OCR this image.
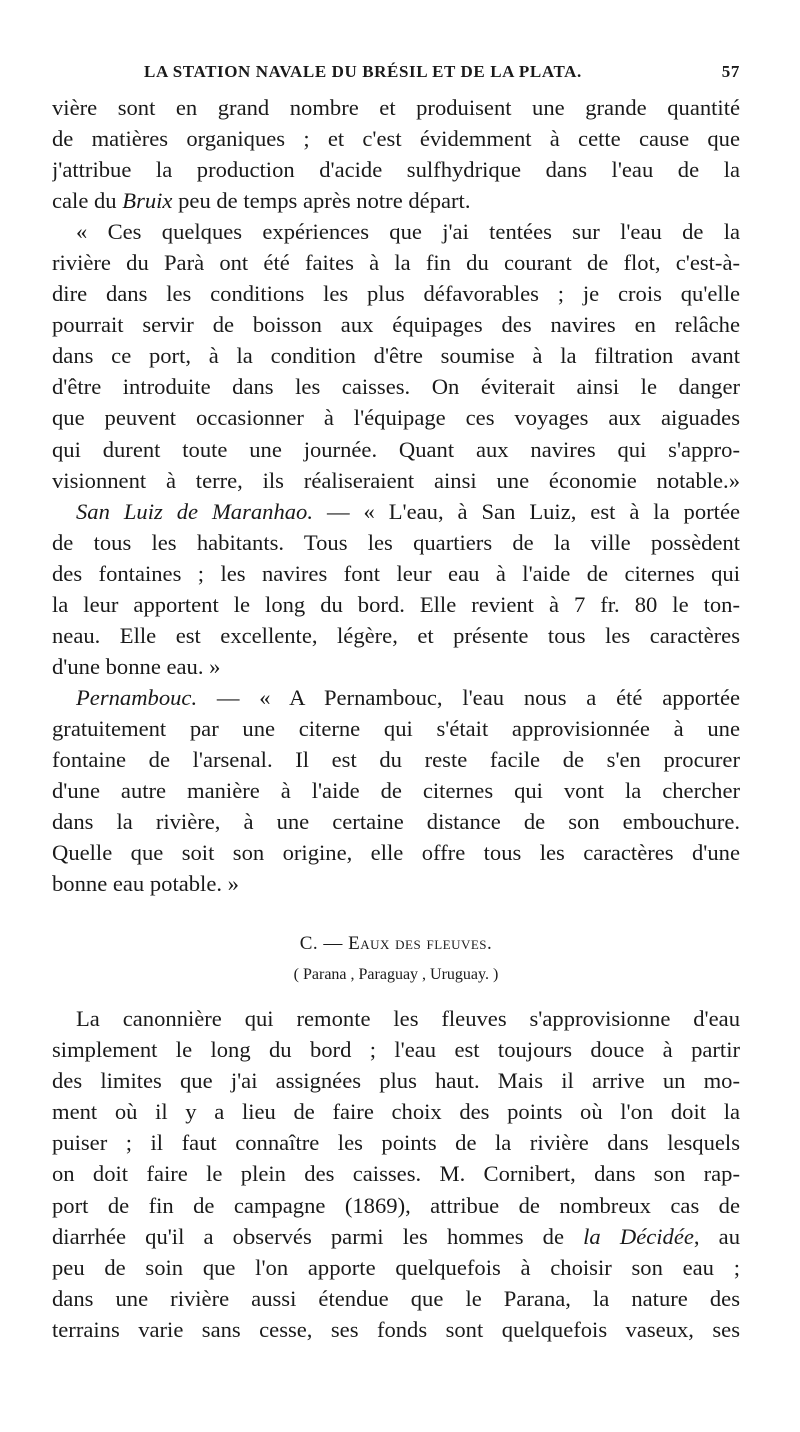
LA STATION NAVALE DU BRÉSIL ET DE LA PLATA.	57
vière sont en grand nombre et produisent une grande quantité
de matières organiques ; et c'est évidemment à cette cause que
j'attribue la production d'acide sulfhydrique dans l'eau de la
cale du Bruix peu de temps après notre départ.
« Ces quelques expériences que j'ai tentées sur l'eau de la
rivière du Parà ont été faites à la fin du courant de flot, c'est-à-
dire dans les conditions les plus défavorables ; je crois qu'elle
pourrait servir de boisson aux équipages des navires en relâche
dans ce port, à la condition d'être soumise à la filtration avant
d'être introduite dans les caisses. On éviterait ainsi le danger
que peuvent occasionner à l'équipage ces voyages aux aiguades
qui durent toute une journée. Quant aux navires qui s'appro-
visionnent à terre, ils réaliseraient ainsi une économie notable.»
San Luiz de Maranhao. — « L'eau, à San Luiz, est à la portée
de tous les habitants. Tous les quartiers de la ville possèdent
des fontaines ; les navires font leur eau à l'aide de citernes qui
la leur apportent le long du bord. Elle revient à 7 fr. 80 le ton-
neau. Elle est excellente, légère, et présente tous les caractères
d'une bonne eau. »
Pernambouc. — « A Pernambouc, l'eau nous a été apportée
gratuitement par une citerne qui s'était approvisionnée à une
fontaine de l'arsenal. Il est du reste facile de s'en procurer
d'une autre manière à l'aide de citernes qui vont la chercher
dans la rivière, à une certaine distance de son embouchure.
Quelle que soit son origine, elle offre tous les caractères d'une
bonne eau potable. »
C. — Eaux des fleuves.
( Parana , Paraguay , Uruguay. )
La canonnière qui remonte les fleuves s'approvisionne d'eau
simplement le long du bord ; l'eau est toujours douce à partir
des limites que j'ai assignées plus haut. Mais il arrive un mo-
ment où il y a lieu de faire choix des points où l'on doit la
puiser ; il faut connaître les points de la rivière dans lesquels
on doit faire le plein des caisses. M. Cornibert, dans son rap-
port de fin de campagne (1869), attribue de nombreux cas de
diarrhée qu'il a observés parmi les hommes de la Décidée, au
peu de soin que l'on apporte quelquefois à choisir son eau ;
dans une rivière aussi étendue que le Parana, la nature des
terrains varie sans cesse, ses fonds sont quelquefois vaseux, ses
